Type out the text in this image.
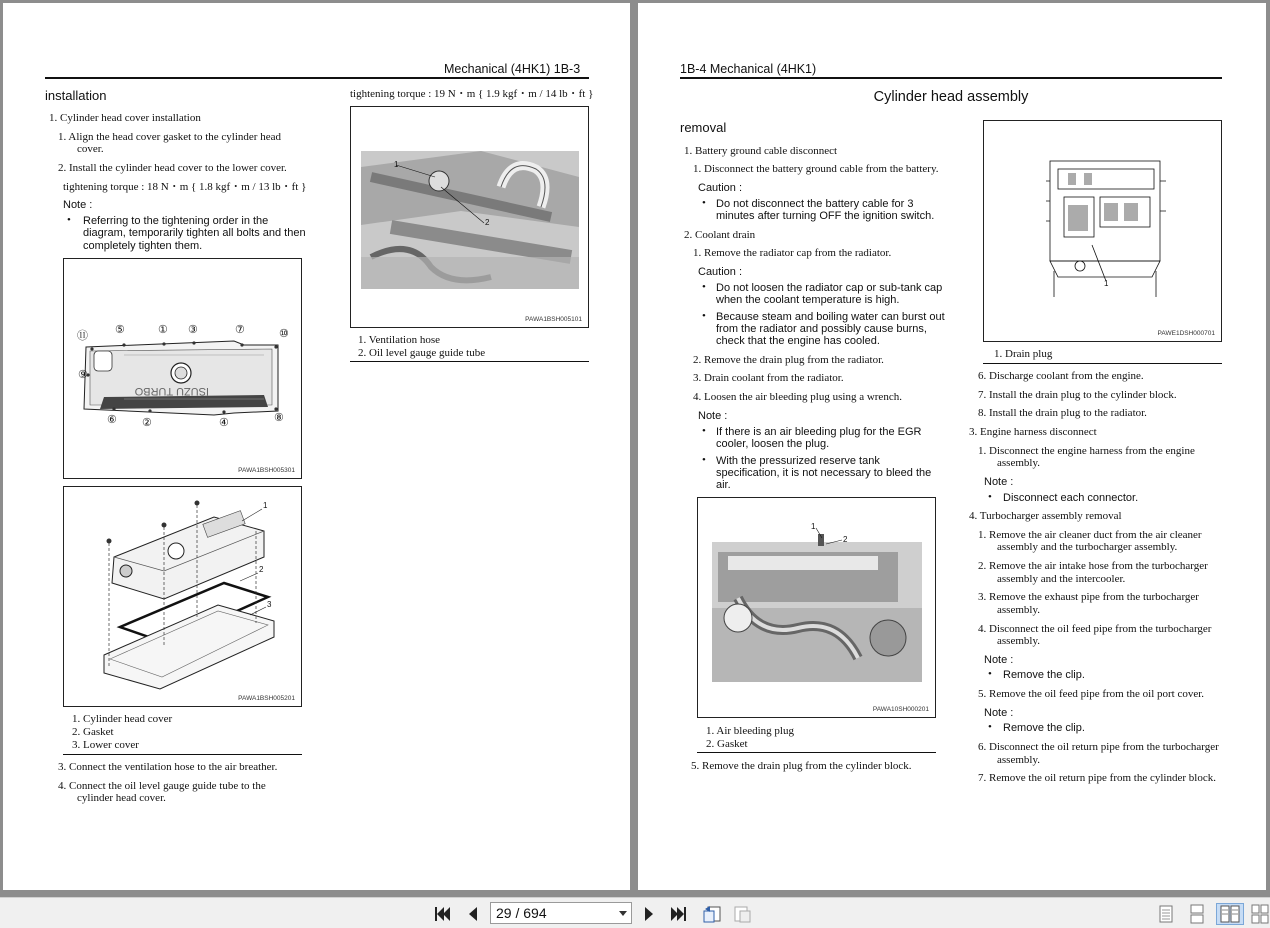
Mechanical (4HK1) 1B-3
installation
1. Cylinder head cover installation
1. Align the head cover gasket to the cylinder head
cover.
2. Install the cylinder head cover to the lower cover.
tightening torque : 18 N・m { 1.8 kgf・m / 13 lb・ft }
Note :
• Referring to the tightening order in the
diagram, temporarily tighten all bolts and then
completely tighten them.
ISUZU TURBO
⑪ ⑤	① ③	⑦	⑩
⑨
⑥ ②	④	⑧
PAWA1BSH005301
1
2
3
PAWA1BSH005201
1. Cylinder head cover
2. Gasket
3. Lower cover
3. Connect the ventilation hose to the air breather.
4. Connect the oil level gauge guide tube to the
cylinder head cover.
tightening torque : 19 N・m { 1.9 kgf・m / 14 lb・ft }
1
2
PAWA1BSH005101
1. Ventilation hose
2. Oil level gauge guide tube
1B-4 Mechanical (4HK1)
Cylinder head assembly
removal
1. Battery ground cable disconnect
1. Disconnect the battery ground cable from the battery.
Caution :
• Do not disconnect the battery cable for 3
minutes after turning OFF the ignition switch.
2. Coolant drain
1. Remove the radiator cap from the radiator.
Caution :
• Do not loosen the radiator cap or sub-tank cap
when the coolant temperature is high.
• Because steam and boiling water can burst out
from the radiator and possibly cause burns,
check that the engine has cooled.
2. Remove the drain plug from the radiator.
3. Drain coolant from the radiator.
4. Loosen the air bleeding plug using a wrench.
Note :
• If there is an air bleeding plug for the EGR
cooler, loosen the plug.
• With the pressurized reserve tank
specification, it is not necessary to bleed the
air.
1
2
PAWA10SH000201
1. Air bleeding plug
2. Gasket
5. Remove the drain plug from the cylinder block.
1
PAWE1DSH000701
1. Drain plug
6. Discharge coolant from the engine.
7. Install the drain plug to the cylinder block.
8. Install the drain plug to the radiator.
3. Engine harness disconnect
1. Disconnect the engine harness from the engine
assembly.
Note :
• Disconnect each connector.
4. Turbocharger assembly removal
1. Remove the air cleaner duct from the air cleaner
assembly and the turbocharger assembly.
2. Remove the air intake hose from the turbocharger
assembly and the intercooler.
3. Remove the exhaust pipe from the turbocharger
assembly.
4. Disconnect the oil feed pipe from the turbocharger
assembly.
Note :
• Remove the clip.
5. Remove the oil feed pipe from the oil port cover.
Note :
• Remove the clip.
6. Disconnect the oil return pipe from the turbocharger
assembly.
7. Remove the oil return pipe from the cylinder block.
29 / 694
